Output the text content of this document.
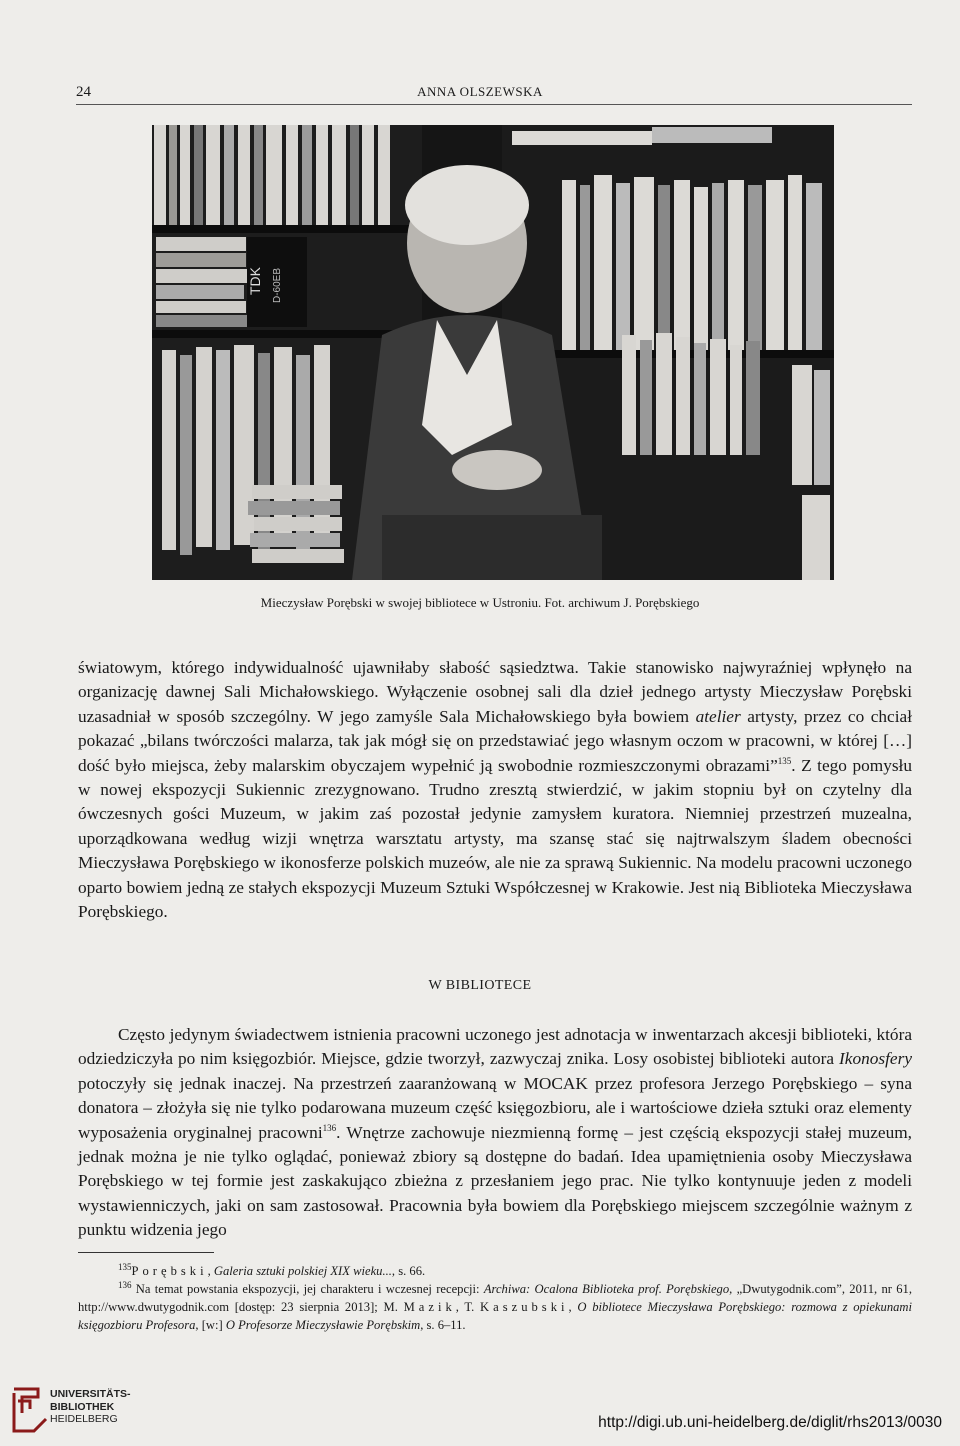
24	ANNA OLSZEWSKA
TDK D-60EB
Mieczysław Porębski w swojej bibliotece w Ustroniu. Fot. archiwum J. Porębskiego

światowym, którego indywidualność ujawniłaby słabość sąsiedztwa. Takie stanowisko najwyraźniej wpłynęło na organizację dawnej Sali Michałowskiego. Wyłączenie osobnej sali dla dzieł jednego artysty Mieczysław Porębski uzasadniał w sposób szczególny. W jego zamyśle Sala Michałowskiego była bowiem atelier artysty, przez co chciał pokazać „bilans twórczości malarza, tak jak mógł się on przedstawiać jego własnym oczom w pracowni, w której […] dość było miejsca, żeby malarskim obyczajem wypełnić ją swobodnie rozmieszczonymi obrazami”$^{135}$. Z tego pomysłu w nowej ekspozycji Sukiennic zrezygnowano. Trudno zresztą stwierdzić, w jakim stopniu był on czytelny dla ówczesnych gości Muzeum, w jakim zaś pozostał jedynie zamysłem kuratora. Niemniej przestrzeń muzealna, uporządkowana według wizji wnętrza warsztatu artysty, ma szansę stać się najtrwalszym śladem obecności Mieczysława Porębskiego w ikonosferze polskich muzeów, ale nie za sprawą Sukiennic. Na modelu pracowni uczonego oparto bowiem jedną ze stałych ekspozycji Muzeum Sztuki Współczesnej w Krakowie. Jest nią Biblioteka Mieczysława Porębskiego.

W BIBLIOTECE

Często jedynym świadectwem istnienia pracowni uczonego jest adnotacja w inwentarzach akcesji biblioteki, która odziedziczyła po nim księgozbiór. Miejsce, gdzie tworzył, zazwyczaj znika. Losy osobistej biblioteki autora Ikonosfery potoczyły się jednak inaczej. Na przestrzeń zaaranżowaną w MOCAK przez profesora Jerzego Porębskiego – syna donatora – złożyła się nie tylko podarowana muzeum część księgozbioru, ale i wartościowe dzieła sztuki oraz elementy wyposażenia oryginalnej pracowni$^{136}$. Wnętrze zachowuje niezmienną formę – jest częścią ekspozycji stałej muzeum, jednak można je nie tylko oglądać, ponieważ zbiory są dostępne do badań. Idea upamiętnienia osoby Mieczysława Porębskiego w tej formie jest zaskakująco zbieżna z przesłaniem jego prac. Nie tylko kontynuuje jeden z modeli wystawienniczych, jaki on sam zastosował. Pracownia była bowiem dla Porębskiego miejscem szczególnie ważnym z punktu widzenia jego

$^{135}$Porębski, Galeria sztuki polskiej XIX wieku..., s. 66.

$^{136}$ Na temat powstania ekspozycji, jej charakteru i wczesnej recepcji: Archiwa: Ocalona Biblioteka prof. Porębskiego, „Dwutygodnik.com”, 2011, nr 61, http://www.dwutygodnik.com [dostęp: 23 sierpnia 2013]; M. Mazik, T. Kaszubski, O bibliotece Mieczysława Porębskiego: rozmowa z opiekunami księgozbioru Profesora, [w:] O Profesorze Mieczysławie Porębskim, s. 6–11.

UNIVERSITÄTS-
BIBLIOTHEK
HEIDELBERG	http://digi.ub.uni-heidelberg.de/diglit/rhs2013/0030
